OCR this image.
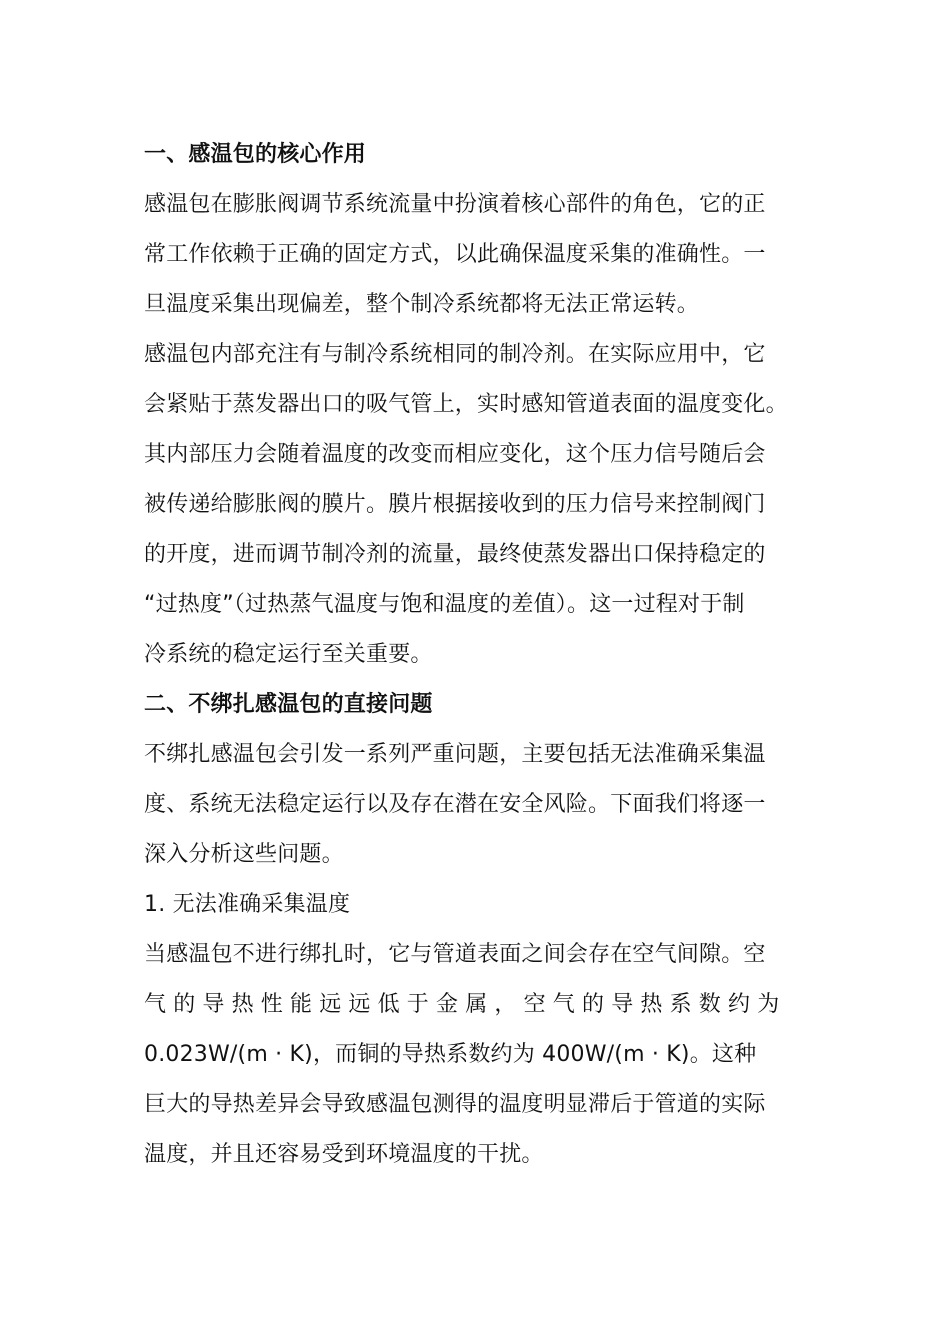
一、感温包的核心作用
感温包在膨胀阀调节系统流量中扮演着核心部件的角色，它的正
常工作依赖于正确的固定方式，以此确保温度采集的准确性。一
旦温度采集出现偏差，整个制冷系统都将无法正常运转。
感温包内部充注有与制冷系统相同的制冷剂。在实际应用中，它
会紧贴于蒸发器出口的吸气管上，实时感知管道表面的温度变化。
其内部压力会随着温度的改变而相应变化，这个压力信号随后会
被传递给膨胀阀的膜片。膜片根据接收到的压力信号来控制阀门
的开度，进而调节制冷剂的流量，最终使蒸发器出口保持稳定的
“过热度”（过热蒸气温度与饱和温度的差值）。这一过程对于制
冷系统的稳定运行至关重要。
二、不绑扎感温包的直接问题
不绑扎感温包会引发一系列严重问题，主要包括无法准确采集温
度、系统无法稳定运行以及存在潜在安全风险。下面我们将逐一
深入分析这些问题。
1. 无法准确采集温度
当感温包不进行绑扎时，它与管道表面之间会存在空气间隙。空
气的导热性能远远低于金属，空气的导热系数约为
0.023W/(m · K)，而铜的导热系数约为 400W/(m · K)。这种
巨大的导热差异会导致感温包测得的温度明显滞后于管道的实际
温度，并且还容易受到环境温度的干扰。
